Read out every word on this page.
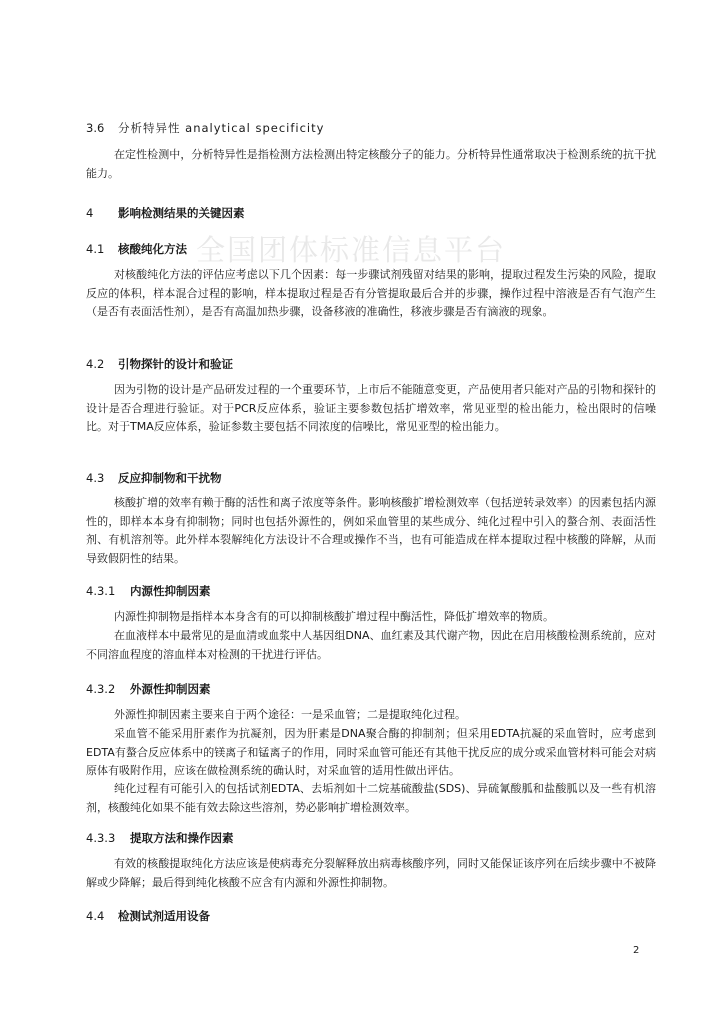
全国团体标准信息平台
3.6 分析特异性 analytical specificity
在定性检测中，分析特异性是指检测方法检测出特定核酸分子的能力。分析特异性通常取决于检测系统的抗干扰能力。
4 影响检测结果的关键因素
4.1 核酸纯化方法
对核酸纯化方法的评估应考虑以下几个因素：每一步骤试剂残留对结果的影响，提取过程发生污染的风险，提取反应的体积，样本混合过程的影响，样本提取过程是否有分管提取最后合并的步骤，操作过程中溶液是否有气泡产生（是否有表面活性剂），是否有高温加热步骤，设备移液的准确性，移液步骤是否有滴液的现象。
4.2 引物探针的设计和验证
因为引物的设计是产品研发过程的一个重要环节，上市后不能随意变更，产品使用者只能对产品的引物和探针的设计是否合理进行验证。对于PCR反应体系，验证主要参数包括扩增效率，常见亚型的检出能力，检出限时的信噪比。对于TMA反应体系，验证参数主要包括不同浓度的信噪比，常见亚型的检出能力。
4.3 反应抑制物和干扰物
核酸扩增的效率有赖于酶的活性和离子浓度等条件。影响核酸扩增检测效率（包括逆转录效率）的因素包括内源性的，即样本本身有抑制物；同时也包括外源性的，例如采血管里的某些成分、纯化过程中引入的螯合剂、表面活性剂、有机溶剂等。此外样本裂解纯化方法设计不合理或操作不当，也有可能造成在样本提取过程中核酸的降解，从而导致假阴性的结果。
4.3.1 内源性抑制因素
内源性抑制物是指样本本身含有的可以抑制核酸扩增过程中酶活性，降低扩增效率的物质。
在血液样本中最常见的是血清或血浆中人基因组DNA、血红素及其代谢产物，因此在启用核酸检测系统前，应对不同溶血程度的溶血样本对检测的干扰进行评估。
4.3.2 外源性抑制因素
外源性抑制因素主要来自于两个途径：一是采血管；二是提取纯化过程。
采血管不能采用肝素作为抗凝剂，因为肝素是DNA聚合酶的抑制剂；但采用EDTA抗凝的采血管时，应考虑到EDTA有螯合反应体系中的镁离子和锰离子的作用，同时采血管可能还有其他干扰反应的成分或采血管材料可能会对病原体有吸附作用，应该在做检测系统的确认时，对采血管的适用性做出评估。
纯化过程有可能引入的包括试剂EDTA、去垢剂如十二烷基硫酸盐(SDS)、异硫氰酸胍和盐酸胍以及一些有机溶剂，核酸纯化如果不能有效去除这些溶剂，势必影响扩增检测效率。
4.3.3 提取方法和操作因素
有效的核酸提取纯化方法应该是使病毒充分裂解释放出病毒核酸序列，同时又能保证该序列在后续步骤中不被降解或少降解；最后得到纯化核酸不应含有内源和外源性抑制物。
4.4 检测试剂适用设备
2
